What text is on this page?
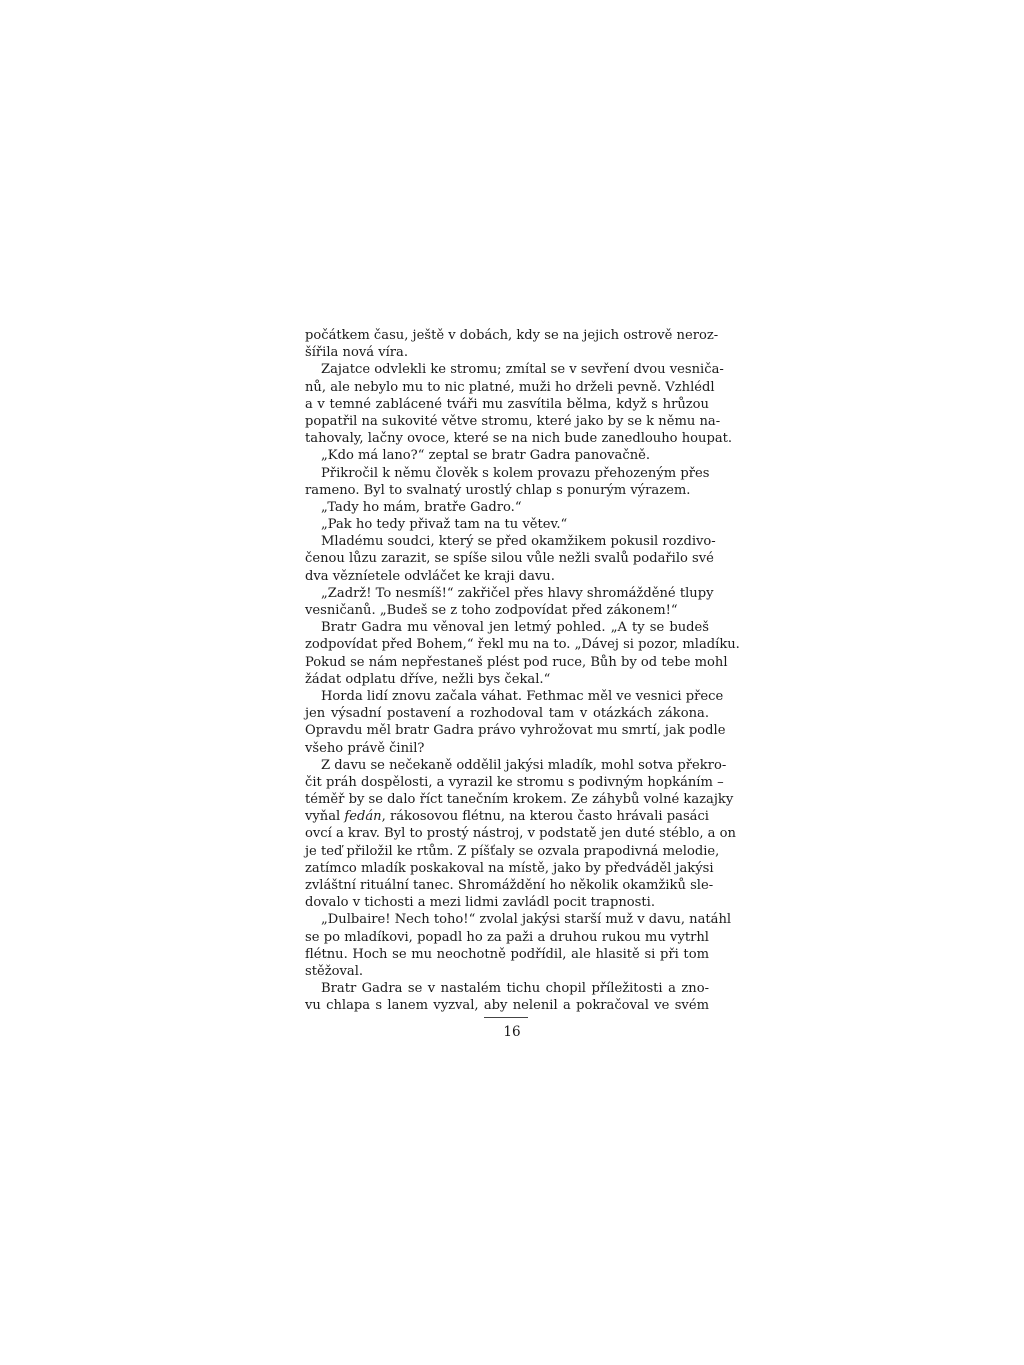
počátkem času, ještě v dobách, kdy se na jejich ostrově neroz-
šířila nová víra.
Zajatce odvlekli ke stromu; zmítal se v sevření dvou vesniča-
nů, ale nebylo mu to nic platné, muži ho drželi pevně. Vzhlédl
a v temné zablácené tváři mu zasvítila bělma, když s hrůzou
popatřil na sukovité větve stromu, které jako by se k němu na-
tahovaly, lačny ovoce, které se na nich bude zanedlouho houpat.
„Kdo má lano?“ zeptal se bratr Gadra panovačně.
Přikročil k němu člověk s kolem provazu přehozeným přes
rameno. Byl to svalnatý urostlý chlap s ponurým výrazem.
„Tady ho mám, bratře Gadro.“
„Pak ho tedy přivaž tam na tu větev.“
Mladému soudci, který se před okamžikem pokusil rozdivo-
čenou lůzu zarazit, se spíše silou vůle nežli svalů podařilo své
dva vězníetele odvláčet ke kraji davu.
„Zadrž! To nesmíš!“ zakřičel přes hlavy shromážděné tlupy
vesničanů. „Budeš se z toho zodpovídat před zákonem!“
Bratr Gadra mu věnoval jen letmý pohled. „A ty se budeš
zodpovídat před Bohem,“ řekl mu na to. „Dávej si pozor, mladíku.
Pokud se nám nepřestaneš plést pod ruce, Bůh by od tebe mohl
žádat odplatu dříve, nežli bys čekal.“
Horda lidí znovu začala váhat. Fethmac měl ve vesnici přece
jen výsadní postavení a rozhodoval tam v otázkách zákona.
Opravdu měl bratr Gadra právo vyhrožovat mu smrtí, jak podle
všeho právě činil?
Z davu se nečekaně oddělil jakýsi mladík, mohl sotva překro-
čit práh dospělosti, a vyrazil ke stromu s podivným hopkáním –
téměř by se dalo říct tanečním krokem. Ze záhybů volné kazajky
vyňal fedán, rákosovou flétnu, na kterou často hrávali pasáci
ovcí a krav. Byl to prostý nástroj, v podstatě jen duté stéblo, a on
je teď přiložil ke rtům. Z píšťaly se ozvala prapodivná melodie,
zatímco mladík poskakoval na místě, jako by předváděl jakýsi
zvláštní rituální tanec. Shromáždění ho několik okamžiků sle-
dovalo v tichosti a mezi lidmi zavládl pocit trapnosti.
„Dulbaire! Nech toho!“ zvolal jakýsi starší muž v davu, natáhl
se po mladíkovi, popadl ho za paži a druhou rukou mu vytrhl
flétnu. Hoch se mu neochotně podřídil, ale hlasitě si při tom
stěžoval.
Bratr Gadra se v nastalém tichu chopil příležitosti a zno-
vu chlapa s lanem vyzval, aby nelenil a pokračoval ve svém
16
